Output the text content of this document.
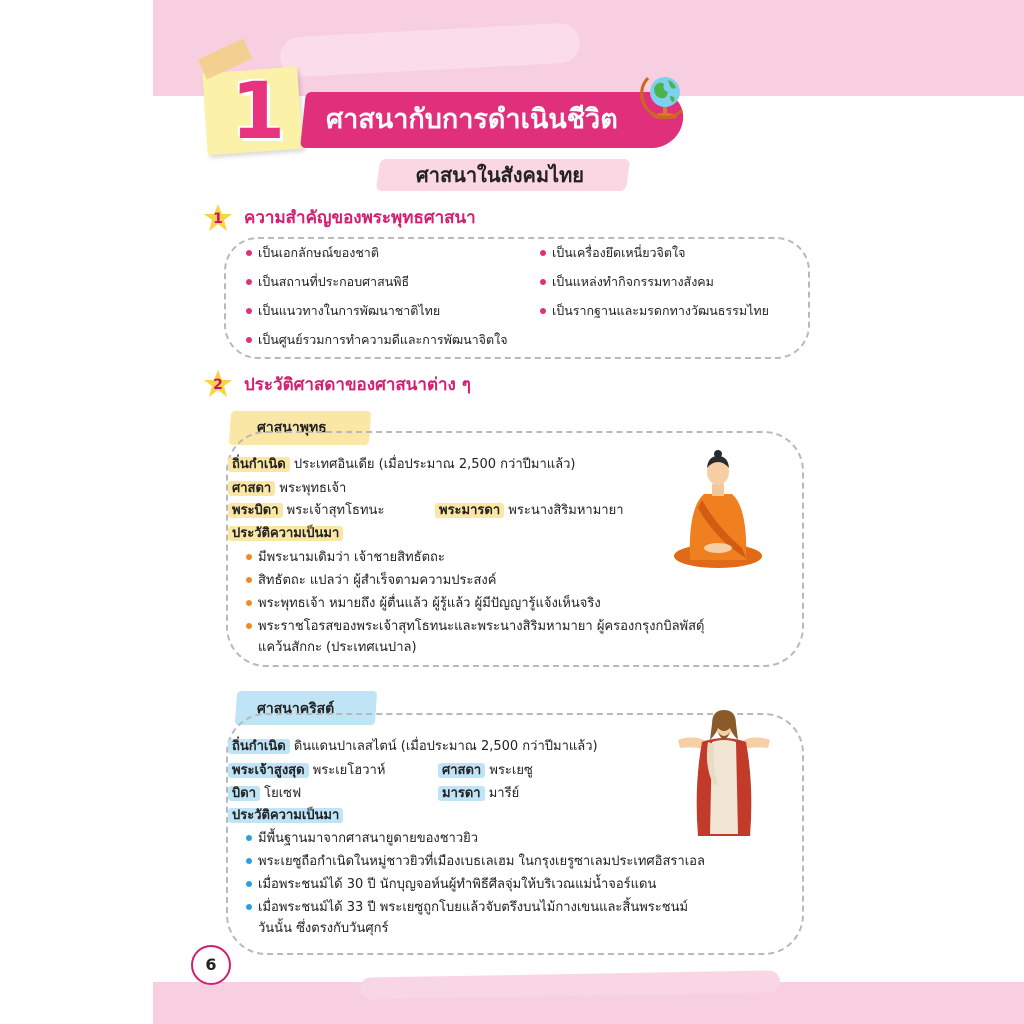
1 ศาสนากับการดำเนินชีวิต
ศาสนาในสังคมไทย
1	ความสำคัญของพระพุทธศาสนา
เป็นเอกลักษณ์ของชาติ	เป็นเครื่องยึดเหนี่ยวจิตใจ
เป็นสถานที่ประกอบศาสนพิธี	เป็นแหล่งทำกิจกรรมทางสังคม
เป็นแนวทางในการพัฒนาชาติไทย	เป็นรากฐานและมรดกทางวัฒนธรรมไทย
เป็นศูนย์รวมการทำความดีและการพัฒนาจิตใจ
2	ประวัติศาสดาของศาสนาต่าง ๆ
ศาสนาพุทธ
ถิ่นกำเนิด ประเทศอินเดีย (เมื่อประมาณ 2,500 กว่าปีมาแล้ว)
ศาสดา พระพุทธเจ้า
พระบิดา พระเจ้าสุทโธทนะ	พระมารดา พระนางสิริมหามายา
ประวัติความเป็นมา
มีพระนามเดิมว่า เจ้าชายสิทธัตถะ
สิทธัตถะ แปลว่า ผู้สำเร็จตามความประสงค์
พระพุทธเจ้า หมายถึง ผู้ตื่นแล้ว ผู้รู้แล้ว ผู้มีปัญญารู้แจ้งเห็นจริง
พระราชโอรสของพระเจ้าสุทโธทนะและพระนางสิริมหามายา ผู้ครองกรุงกบิลพัสดุ์
แคว้นสักกะ (ประเทศเนปาล)
ศาสนาคริสต์
ถิ่นกำเนิด ดินแดนปาเลสไตน์ (เมื่อประมาณ 2,500 กว่าปีมาแล้ว)
พระเจ้าสูงสุด พระเยโฮวาห์	ศาสดา พระเยซู
บิดา โยเซฟ	มารดา มารีย์
ประวัติความเป็นมา
มีพื้นฐานมาจากศาสนายูดายของชาวยิว
พระเยซูถือกำเนิดในหมู่ชาวยิวที่เมืองเบธเลเฮม ในกรุงเยรูซาเลมประเทศอิสราเอล
เมื่อพระชนม์ได้ 30 ปี นักบุญจอห์นผู้ทำพิธีศีลจุ่มให้บริเวณแม่น้ำจอร์แดน
เมื่อพระชนม์ได้ 33 ปี พระเยซูถูกโบยแล้วจับตรึงบนไม้กางเขนและสิ้นพระชนม์
วันนั้น ซึ่งตรงกับวันศุกร์
6
